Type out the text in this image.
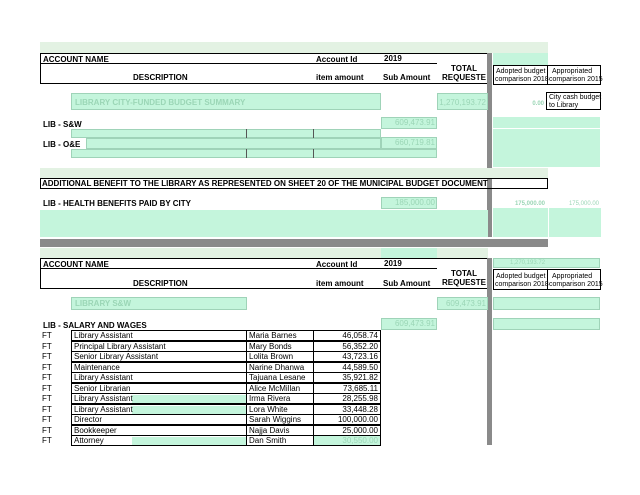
ACCOUNT NAME	Account Id	2019
DESCRIPTION	item amount Sub Amount
TOTAL
REQUESTE
Adopted budget
comparison 2018
Appropriated
comparison 2015
LIBRARY CITY-FUNDED BUDGET SUMMARY	1,270,193.72	0.00
City cash budget
to Library
LIB - S&W	609,473.91
LIB - O&E	660,719.81
ADDITIONAL BENEFIT TO THE LIBRARY AS REPRESENTED ON SHEET 20 OF THE MUNICIPAL BUDGET DOCUMENT
LIB - HEALTH BENEFITS PAID BY CITY	185,000.00	175,000.00	175,000.00
1,270,193.72
ACCOUNT NAME	Account Id	2019
DESCRIPTION	item amount Sub Amount
TOTAL
REQUESTE
Adopted budget
comparison 2018
Appropriated
comparison 2015
LIBRARY S&W	609,473.91
LIB - SALARY AND WAGES	609,473.91
FT	Library Assistant	Maria Barnes	46,058.74
FT	Principal Library Assistant	Mary Bonds	56,352.20
FT	Senior Library Assistant	Lolita Brown	43,723.16
FT	Maintenance	Narine Dhanwa	44,589.50
FT	Library Assistant	Tajuana Lesane	35,921.82
FT	Senior Librarian	Alice McMillan	73,685.11
FT	Library Assistant	Irma Rivera	28,255.98
FT	Library Assistant	Lora White	33,448.28
FT	Director	Sarah Wiggins	100,000.00
FT	Bookkeeper	Najja Davis	25,000.00
FT	Attorney	Dan Smith	30,550.00
